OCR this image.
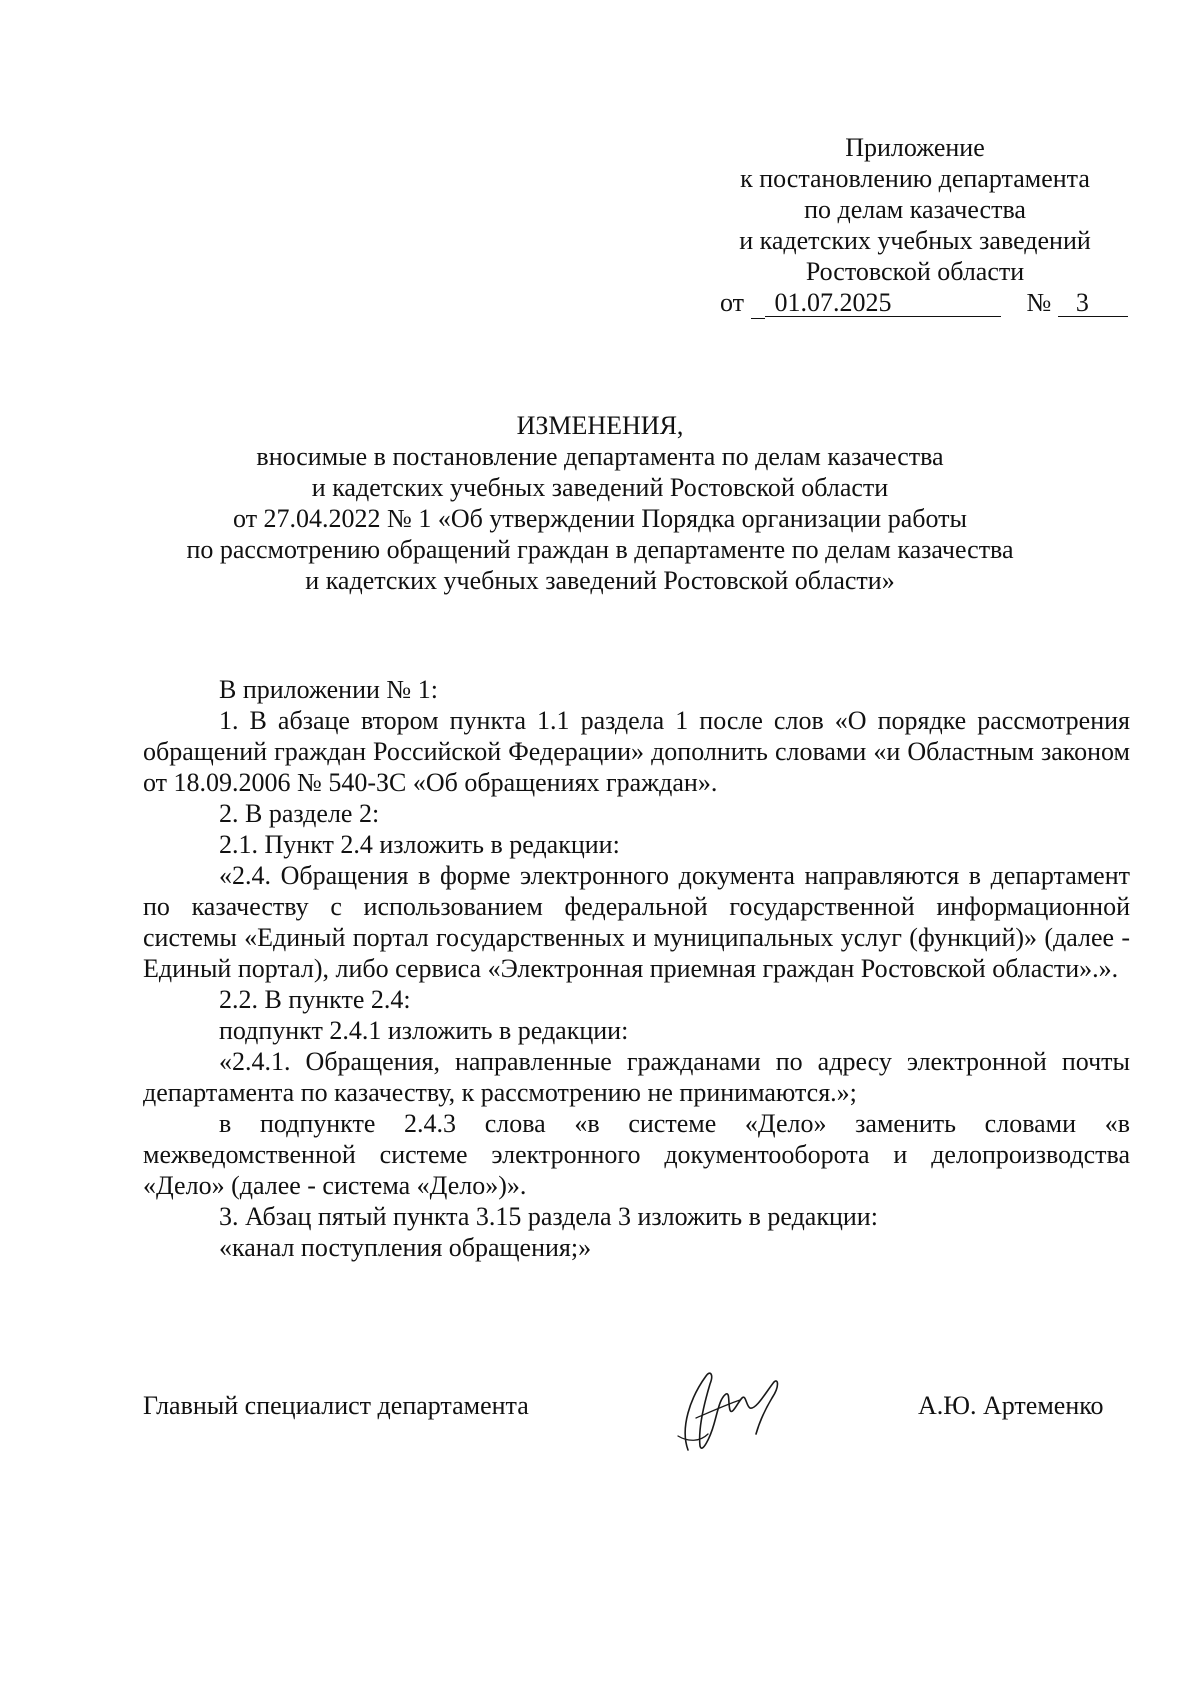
Приложение
к постановлению департамента
по делам казачества
и кадетских учебных заведений
Ростовской области
от 01.07.2025	№ 3
ИЗМЕНЕНИЯ,
вносимые в постановление департамента по делам казачества
и кадетских учебных заведений Ростовской области
от 27.04.2022 № 1 «Об утверждении Порядка организации работы
по рассмотрению обращений граждан в департаменте по делам казачества
и кадетских учебных заведений Ростовской области»

В приложении № 1:

1. В абзаце втором пункта 1.1 раздела 1 после слов «О порядке рассмотрения обращений граждан Российской Федерации» дополнить словами «и Областным законом от 18.09.2006 № 540-ЗС «Об обращениях граждан».

2. В разделе 2:

2.1. Пункт 2.4 изложить в редакции:

«2.4. Обращения в форме электронного документа направляются в департамент по казачеству с использованием федеральной государственной информационной системы «Единый портал государственных и муниципальных услуг (функций)» (далее - Единый портал), либо сервиса «Электронная приемная граждан Ростовской области».».

2.2. В пункте 2.4:

подпункт 2.4.1 изложить в редакции:

«2.4.1. Обращения, направленные гражданами по адресу электронной почты департамента по казачеству, к рассмотрению не принимаются.»;

в подпункте 2.4.3 слова «в системе «Дело» заменить словами «в межведомственной системе электронного документооборота и делопроизводства «Дело» (далее - система «Дело»)».

3. Абзац пятый пункта 3.15 раздела 3 изложить в редакции:

«канал поступления обращения;»

Главный специалист департамента	А.Ю. Артеменко
